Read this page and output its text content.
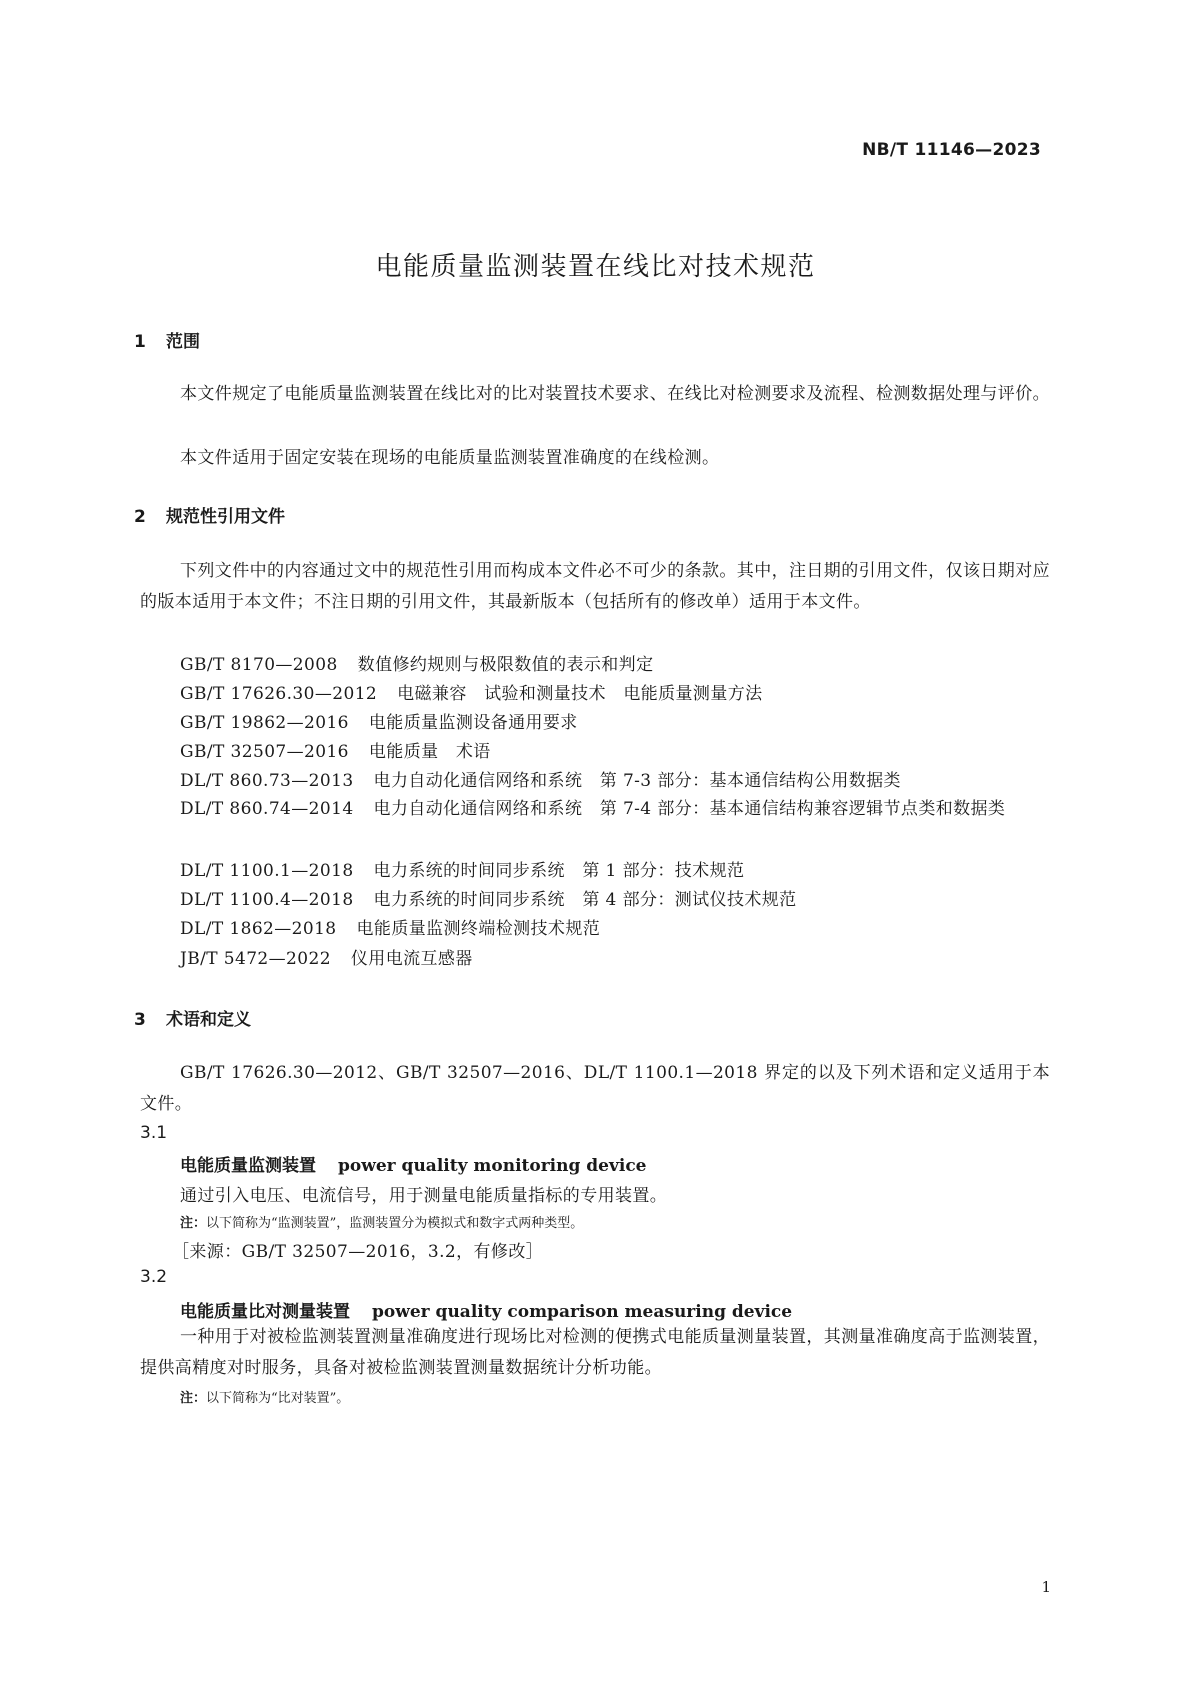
NB/T 11146—2023
电能质量监测装置在线比对技术规范
1 范围
本文件规定了电能质量监测装置在线比对的比对装置技术要求、在线比对检测要求及流程、检测数据处理与评价。
本文件适用于固定安装在现场的电能质量监测装置准确度的在线检测。
2 规范性引用文件
下列文件中的内容通过文中的规范性引用而构成本文件必不可少的条款。其中，注日期的引用文件，仅该日期对应的版本适用于本文件；不注日期的引用文件，其最新版本（包括所有的修改单）适用于本文件。
GB/T 8170—2008 数值修约规则与极限数值的表示和判定
GB/T 17626.30—2012 电磁兼容　试验和测量技术　电能质量测量方法
GB/T 19862—2016 电能质量监测设备通用要求
GB/T 32507—2016 电能质量　术语
DL/T 860.73—2013 电力自动化通信网络和系统　第 7-3 部分：基本通信结构公用数据类
DL/T 860.74—2014 电力自动化通信网络和系统　第 7-4 部分：基本通信结构兼容逻辑节点类和数据类
DL/T 1100.1—2018 电力系统的时间同步系统　第 1 部分：技术规范
DL/T 1100.4—2018 电力系统的时间同步系统　第 4 部分：测试仪技术规范
DL/T 1862—2018 电能质量监测终端检测技术规范
JB/T 5472—2022 仪用电流互感器
3 术语和定义
GB/T 17626.30—2012、GB/T 32507—2016、DL/T 1100.1—2018 界定的以及下列术语和定义适用于本文件。
3.1
电能质量监测装置 power quality monitoring device
通过引入电压、电流信号，用于测量电能质量指标的专用装置。
注：以下简称为“监测装置”，监测装置分为模拟式和数字式两种类型。
［来源：GB/T 32507—2016，3.2，有修改］
3.2
电能质量比对测量装置 power quality comparison measuring device
一种用于对被检监测装置测量准确度进行现场比对检测的便携式电能质量测量装置，其测量准确度高于监测装置，提供高精度对时服务，具备对被检监测装置测量数据统计分析功能。
注：以下简称为“比对装置”。
1
